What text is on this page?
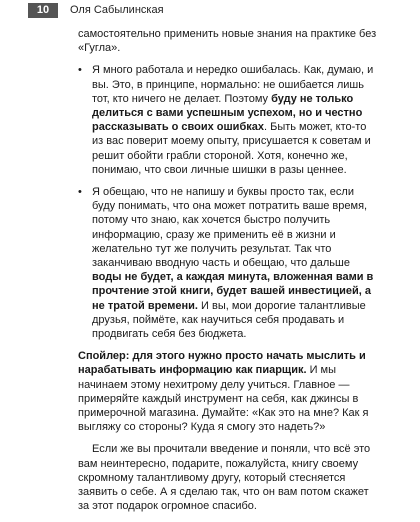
10	Оля Сабылинская

самостоятельно применить новые знания на практике без «Гугла».

• Я много работала и нередко ошибалась. Как, думаю, и вы. Это, в принципе, нормально: не ошибается лишь тот, кто ничего не делает. Поэтому буду не только делиться с вами успешным успехом, но и честно рассказывать о своих ошибках. Быть может, кто-то из вас поверит моему опыту, присушается к советам и решит обойти грабли стороной. Хотя, конечно же, понимаю, что свои личные шишки в разы ценнее.
• Я обещаю, что не напишу и буквы просто так, если буду понимать, что она может потратить ваше время, потому что знаю, как хочется быстро получить информацию, сразу же применить её в жизни и желательно тут же получить результат. Так что заканчиваю вводную часть и обещаю, что дальше воды не будет, а каждая минута, вложенная вами в прочтение этой книги, будет вашей инвестицией, а не тратой времени. И вы, мои дорогие талантливые друзья, поймёте, как научиться себя продавать и продвигать себя без бюджета.

Спойлер: для этого нужно просто начать мыслить и нарабатывать информацию как пиарщик. И мы начинаем этому нехитрому делу учиться. Главное — примеряйте каждый инструмент на себя, как джинсы в примерочной магазина. Думайте: «Как это на мне? Как я выгляжу со стороны? Куда я смогу это надеть?»

Если же вы прочитали введение и поняли, что всё это вам неинтересно, подарите, пожалуйста, книгу своему скромному талантливому другу, который стесняется заявить о себе. А я сделаю так, что он вам потом скажет за этот подарок огромное спасибо.
